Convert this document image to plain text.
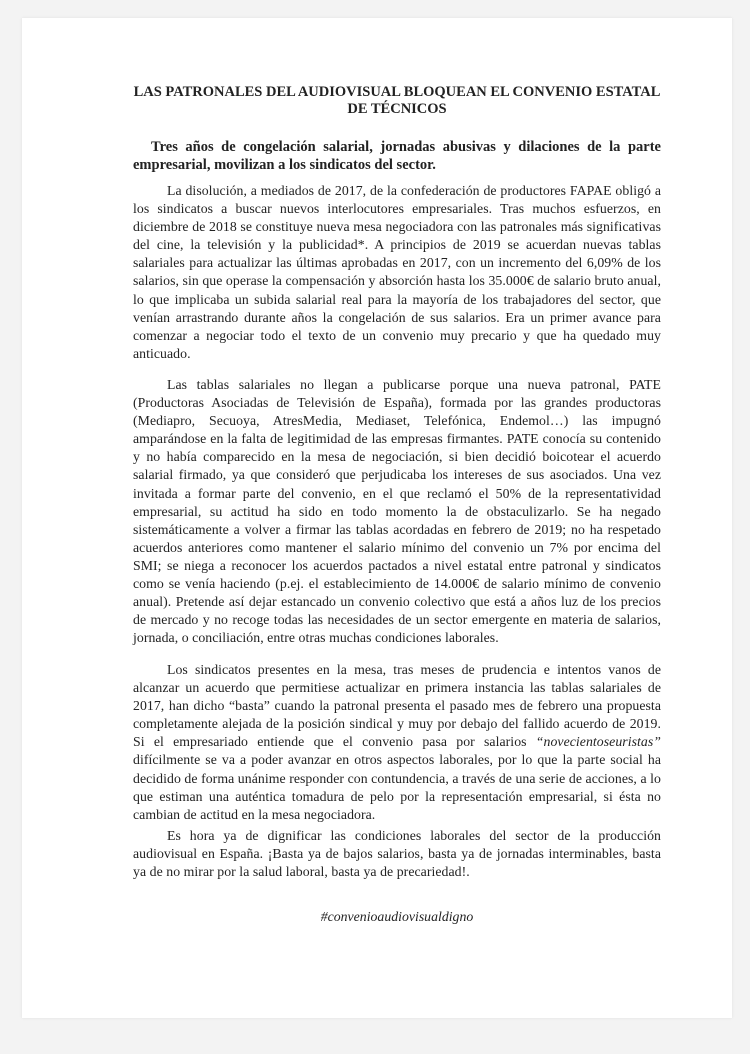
LAS PATRONALES DEL AUDIOVISUAL BLOQUEAN EL CONVENIO ESTATAL DE TÉCNICOS

Tres años de congelación salarial, jornadas abusivas y dilaciones de la parte empresarial, movilizan a los sindicatos del sector.

La disolución, a mediados de 2017, de la confederación de productores FAPAE obligó a los sindicatos a buscar nuevos interlocutores empresariales. Tras muchos esfuerzos, en diciembre de 2018 se constituye nueva mesa negociadora con las patronales más significativas del cine, la televisión y la publicidad*. A principios de 2019 se acuerdan nuevas tablas salariales para actualizar las últimas aprobadas en 2017, con un incremento del 6,09% de los salarios, sin que operase la compensación y absorción hasta los 35.000€ de salario bruto anual, lo que implicaba un subida salarial real para la mayoría de los trabajadores del sector, que venían arrastrando durante años la congelación de sus salarios. Era un primer avance para comenzar a negociar todo el texto de un convenio muy precario y que ha quedado muy anticuado.

Las tablas salariales no llegan a publicarse porque una nueva patronal, PATE (Productoras Asociadas de Televisión de España), formada por las grandes productoras (Mediapro, Secuoya, AtresMedia, Mediaset, Telefónica, Endemol…) las impugnó amparándose en la falta de legitimidad de las empresas firmantes. PATE conocía su contenido y no había comparecido en la mesa de negociación, si bien decidió boicotear el acuerdo salarial firmado, ya que consideró que perjudicaba los intereses de sus asociados. Una vez invitada a formar parte del convenio, en el que reclamó el 50% de la representatividad empresarial, su actitud ha sido en todo momento la de obstaculizarlo. Se ha negado sistemáticamente a volver a firmar las tablas acordadas en febrero de 2019; no ha respetado acuerdos anteriores como mantener el salario mínimo del convenio un 7% por encima del SMI; se niega a reconocer los acuerdos pactados a nivel estatal entre patronal y sindicatos como se venía haciendo (p.ej. el establecimiento de 14.000€ de salario mínimo de convenio anual). Pretende así dejar estancado un convenio colectivo que está a años luz de los precios de mercado y no recoge todas las necesidades de un sector emergente en materia de salarios, jornada, o conciliación, entre otras muchas condiciones laborales.

Los sindicatos presentes en la mesa, tras meses de prudencia e intentos vanos de alcanzar un acuerdo que permitiese actualizar en primera instancia las tablas salariales de 2017, han dicho “basta” cuando la patronal presenta el pasado mes de febrero una propuesta completamente alejada de la posición sindical y muy por debajo del fallido acuerdo de 2019. Si el empresariado entiende que el convenio pasa por salarios “novecientoseuristas” difícilmente se va a poder avanzar en otros aspectos laborales, por lo que la parte social ha decidido de forma unánime responder con contundencia, a través de una serie de acciones, a lo que estiman una auténtica tomadura de pelo por la representación empresarial, si ésta no cambian de actitud en la mesa negociadora.

Es hora ya de dignificar las condiciones laborales del sector de la producción audiovisual en España. ¡Basta ya de bajos salarios, basta ya de jornadas interminables, basta ya de no mirar por la salud laboral, basta ya de precariedad!.

#convenioaudiovisualdigno
